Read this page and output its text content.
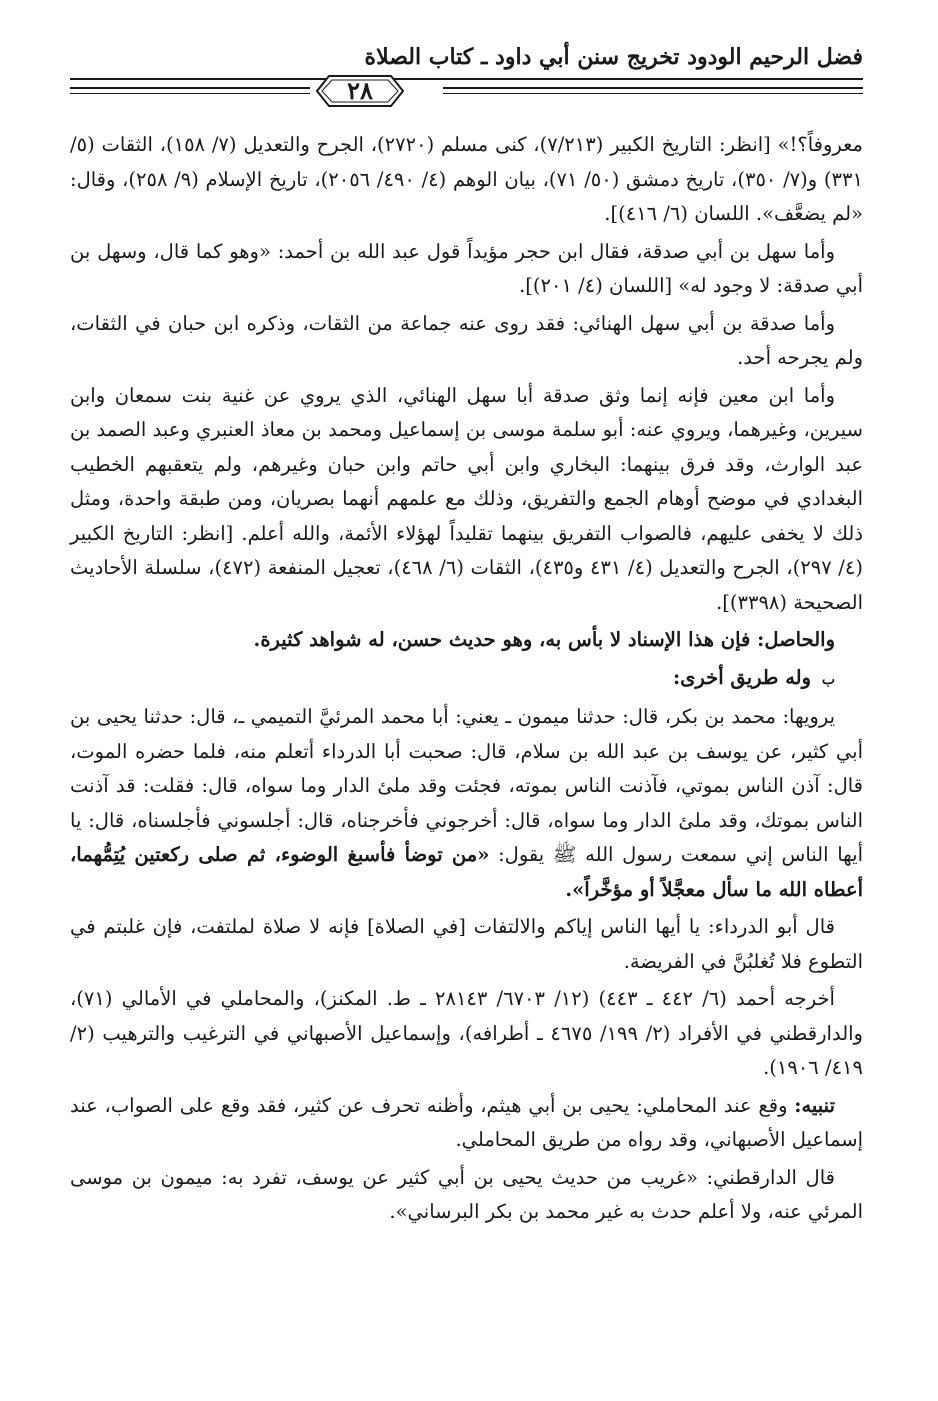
فضل الرحيم الودود تخريج سنن أبي داود ـ كتاب الصلاة
٢٨

معروفاً؟!» [انظر: التاريخ الكبير (٧/٢١٣)، كنى مسلم (٢٧٢٠)، الجرح والتعديل (٧/ ١٥٨)، الثقات (٥/ ٣٣١) و(٧/ ٣٥٠)، تاريخ دمشق (٥٠/ ٧١)، بيان الوهم (٤/ ٤٩٠/ ٢٠٥٦)، تاريخ الإسلام (٩/ ٢٥٨)، وقال: «لم يضعَّف». اللسان (٦/ ٤١٦)].

وأما سهل بن أبي صدقة، فقال ابن حجر مؤيداً قول عبد الله بن أحمد: «وهو كما قال، وسهل بن أبي صدقة: لا وجود له» [اللسان (٤/ ٢٠١)].

وأما صدقة بن أبي سهل الهنائي: فقد روى عنه جماعة من الثقات، وذكره ابن حبان في الثقات، ولم يجرحه أحد.

وأما ابن معين فإنه إنما وثق صدقة أبا سهل الهنائي، الذي يروي عن غنية بنت سمعان وابن سيرين، وغيرهما، ويروي عنه: أبو سلمة موسى بن إسماعيل ومحمد بن معاذ العنبري وعبد الصمد بن عبد الوارث، وقد فرق بينهما: البخاري وابن أبي حاتم وابن حبان وغيرهم، ولم يتعقبهم الخطيب البغدادي في موضح أوهام الجمع والتفريق، وذلك مع علمهم أنهما بصريان، ومن طبقة واحدة، ومثل ذلك لا يخفى عليهم، فالصواب التفريق بينهما تقليداً لهؤلاء الأئمة، والله أعلم. [انظر: التاريخ الكبير (٤/ ٢٩٧)، الجرح والتعديل (٤/ ٤٣١ و٤٣٥)، الثقات (٦/ ٤٦٨)، تعجيل المنفعة (٤٧٢)، سلسلة الأحاديث الصحيحة (٣٣٩٨)].

والحاصل: فإن هذا الإسناد لا بأس به، وهو حديث حسن، له شواهد كثيرة.

ب وله طريق أخرى:

يرويها: محمد بن بكر، قال: حدثنا ميمون ـ يعني: أبا محمد المرئيَّ التميمي ـ، قال: حدثنا يحيى بن أبي كثير، عن يوسف بن عبد الله بن سلام، قال: صحبت أبا الدرداء أتعلم منه، فلما حضره الموت، قال: آذن الناس بموتي، فآذنت الناس بموته، فجئت وقد ملئ الدار وما سواه، قال: فقلت: قد آذنت الناس بموتك، وقد ملئ الدار وما سواه، قال: أخرجوني فأخرجناه، قال: أجلسوني فأجلسناه، قال: يا أيها الناس إني سمعت رسول الله ﷺ يقول: «من توضأ فأسبغ الوضوء، ثم صلى ركعتين يُتِمُّهما، أعطاه الله ما سأل معجَّلاً أو مؤخَّراً».

قال أبو الدرداء: يا أيها الناس إياكم والالتفات [في الصلاة] فإنه لا صلاة لملتفت، فإن غلبتم في التطوع فلا تُغلبُنَّ في الفريضة.

أخرجه أحمد (٦/ ٤٤٢ ـ ٤٤٣) (١٢/ ٦٧٠٣/ ٢٨١٤٣ ـ ط. المكنز)، والمحاملي في الأمالي (٧١)، والدارقطني في الأفراد (٢/ ١٩٩/ ٤٦٧٥ ـ أطرافه)، وإسماعيل الأصبهاني في الترغيب والترهيب (٢/ ٤١٩/ ١٩٠٦).

تنبيه: وقع عند المحاملي: يحيى بن أبي هيثم، وأظنه تحرف عن كثير، فقد وقع على الصواب، عند إسماعيل الأصبهاني، وقد رواه من طريق المحاملي.

قال الدارقطني: «غريب من حديث يحيى بن أبي كثير عن يوسف، تفرد به: ميمون بن موسى المرئي عنه، ولا أعلم حدث به غير محمد بن بكر البرساني».
